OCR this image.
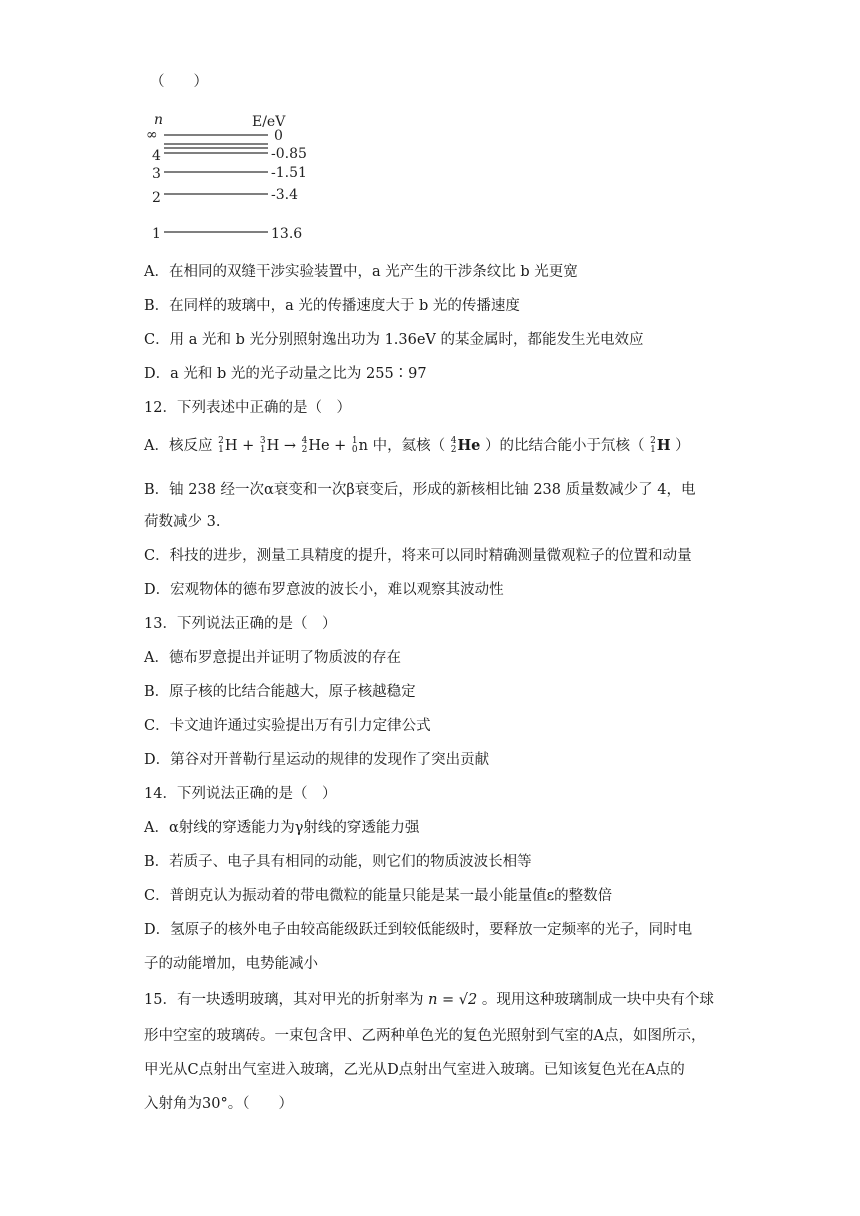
（　　）
n	E/eV
∞	0
4	-0.85
3	-1.51
2	-3.4
1	13.6
A．在相同的双缝干涉实验装置中，a 光产生的干涉条纹比 b 光更宽
B．在同样的玻璃中，a 光的传播速度大于 b 光的传播速度
C．用 a 光和 b 光分别照射逸出功为 1.36eV 的某金属时，都能发生光电效应
D．a 光和 b 光的光子动量之比为 255∶97
12．下列表述中正确的是（　）
A．核反应 2
1H + 3
1H → 4
2He + 1
0n 中，氦核（ 4
2He ）的比结合能小于氘核（ 2
1H ）
B．铀 238 经一次α衰变和一次β衰变后，形成的新核相比铀 238 质量数减少了 4，电
荷数减少 3.
C．科技的进步，测量工具精度的提升，将来可以同时精确测量微观粒子的位置和动量
D．宏观物体的德布罗意波的波长小，难以观察其波动性
13．下列说法正确的是（　）
A．德布罗意提出并证明了物质波的存在
B．原子核的比结合能越大，原子核越稳定
C．卡文迪许通过实验提出万有引力定律公式
D．第谷对开普勒行星运动的规律的发现作了突出贡献
14．下列说法正确的是（　）
A．α射线的穿透能力为γ射线的穿透能力强
B．若质子、电子具有相同的动能，则它们的物质波波长相等
C．普朗克认为振动着的带电微粒的能量只能是某一最小能量值ε的整数倍
D．氢原子的核外电子由较高能级跃迁到较低能级时，要释放一定频率的光子，同时电
子的动能增加，电势能减小
15．有一块透明玻璃，其对甲光的折射率为 n = √2 。现用这种玻璃制成一块中央有个球
形中空室的玻璃砖。一束包含甲、乙两种单色光的复色光照射到气室的A点，如图所示，
甲光从C点射出气室进入玻璃，乙光从D点射出气室进入玻璃。已知该复色光在A点的
入射角为30°。（　　）
